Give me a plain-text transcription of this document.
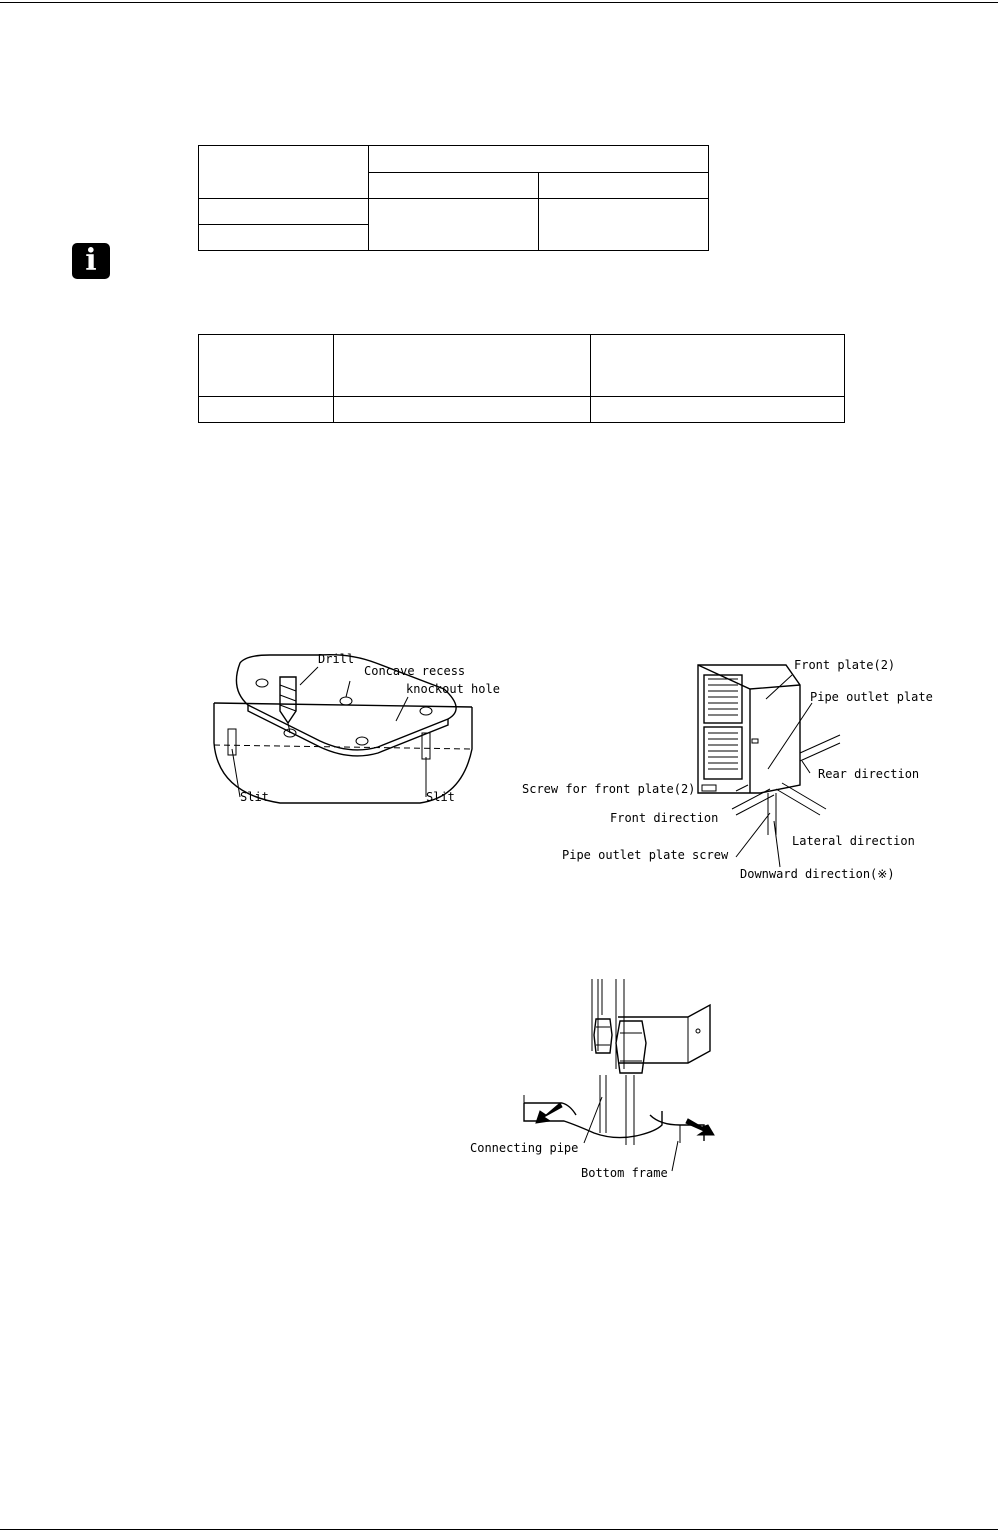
i

Drill
Concave recess
knockout hole
Slit	Slit
Front plate(2)
Pipe outlet plate
Rear direction
Screw for front plate(2)
Front direction
Lateral direction
Pipe outlet plate screw
Downward direction(※)
Connecting pipe
Bottom frame
